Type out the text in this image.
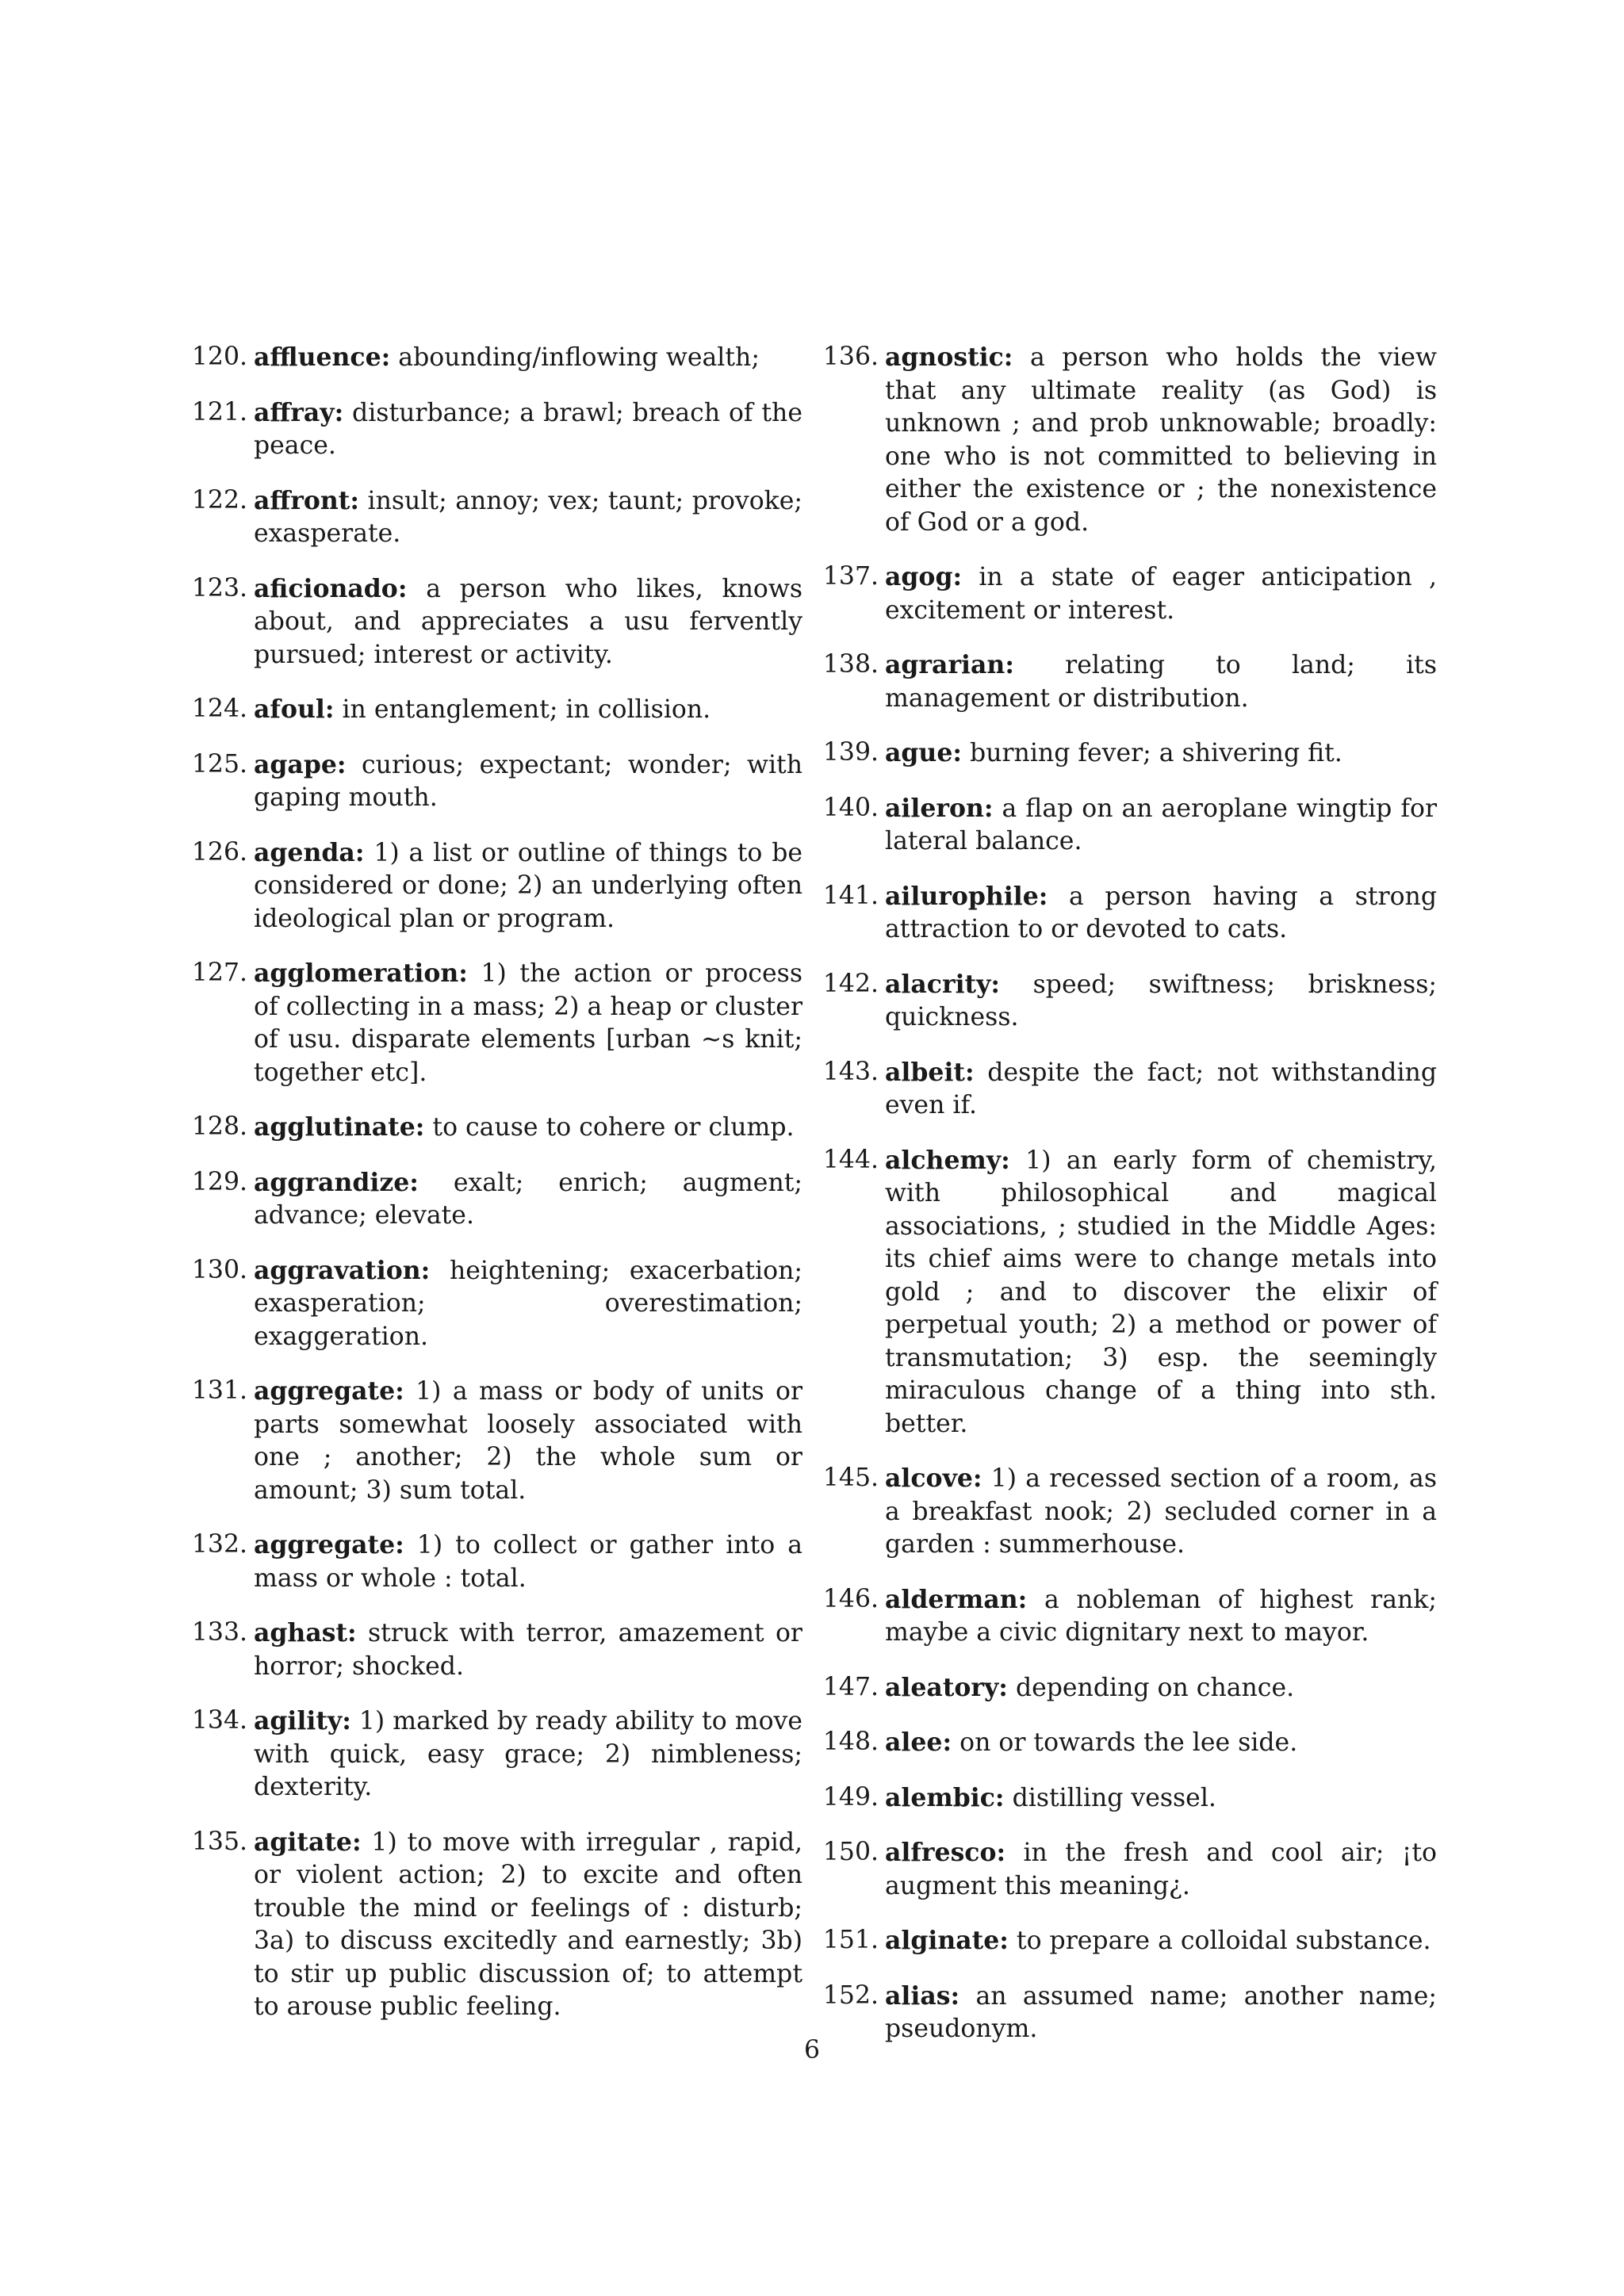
120. affluence: abounding/inflowing wealth;
121. affray: disturbance; a brawl; breach of the peace.
122. affront: insult; annoy; vex; taunt; provoke; exasperate.
123. aficionado: a person who likes, knows about, and appreciates a usu fervently pursued; interest or activity.
124. afoul: in entanglement; in collision.
125. agape: curious; expectant; wonder; with gaping mouth.
126. agenda: 1) a list or outline of things to be considered or done; 2) an underlying often ideological plan or program.
127. agglomeration: 1) the action or process of collecting in a mass; 2) a heap or cluster of usu. disparate elements [urban ∼s knit; together etc].
128. agglutinate: to cause to cohere or clump.
129. aggrandize: exalt; enrich; augment; advance; elevate.
130. aggravation: heightening; exacerbation; exasperation; overestimation; exaggeration.
131. aggregate: 1) a mass or body of units or parts somewhat loosely associated with one ; another; 2) the whole sum or amount; 3) sum total.
132. aggregate: 1) to collect or gather into a mass or whole : total.
133. aghast: struck with terror, amazement or horror; shocked.
134. agility: 1) marked by ready ability to move with quick, easy grace; 2) nimbleness; dexterity.
135. agitate: 1) to move with irregular , rapid, or violent action; 2) to excite and often trouble the mind or feelings of : disturb; 3a) to discuss excitedly and earnestly; 3b) to stir up public discussion of; to attempt to arouse public feeling.
136. agnostic: a person who holds the view that any ultimate reality (as God) is unknown ; and prob unknowable; broadly: one who is not committed to believing in either the existence or ; the nonexistence of God or a god.
137. agog: in a state of eager anticipation , excitement or interest.
138. agrarian: relating to land; its management or distribution.
139. ague: burning fever; a shivering fit.
140. aileron: a flap on an aeroplane wingtip for lateral balance.
141. ailurophile: a person having a strong attraction to or devoted to cats.
142. alacrity: speed; swiftness; briskness; quickness.
143. albeit: despite the fact; not withstanding even if.
144. alchemy: 1) an early form of chemistry, with philosophical and magical associations, ; studied in the Middle Ages: its chief aims were to change metals into gold ; and to discover the elixir of perpetual youth; 2) a method or power of transmutation; 3) esp. the seemingly miraculous change of a thing into sth. better.
145. alcove: 1) a recessed section of a room, as a breakfast nook; 2) secluded corner in a garden : summerhouse.
146. alderman: a nobleman of highest rank; maybe a civic dignitary next to mayor.
147. aleatory: depending on chance.
148. alee: on or towards the lee side.
149. alembic: distilling vessel.
150. alfresco: in the fresh and cool air; ¡to augment this meaning¿.
151. alginate: to prepare a colloidal substance.
152. alias: an assumed name; another name; pseudonym.
6
